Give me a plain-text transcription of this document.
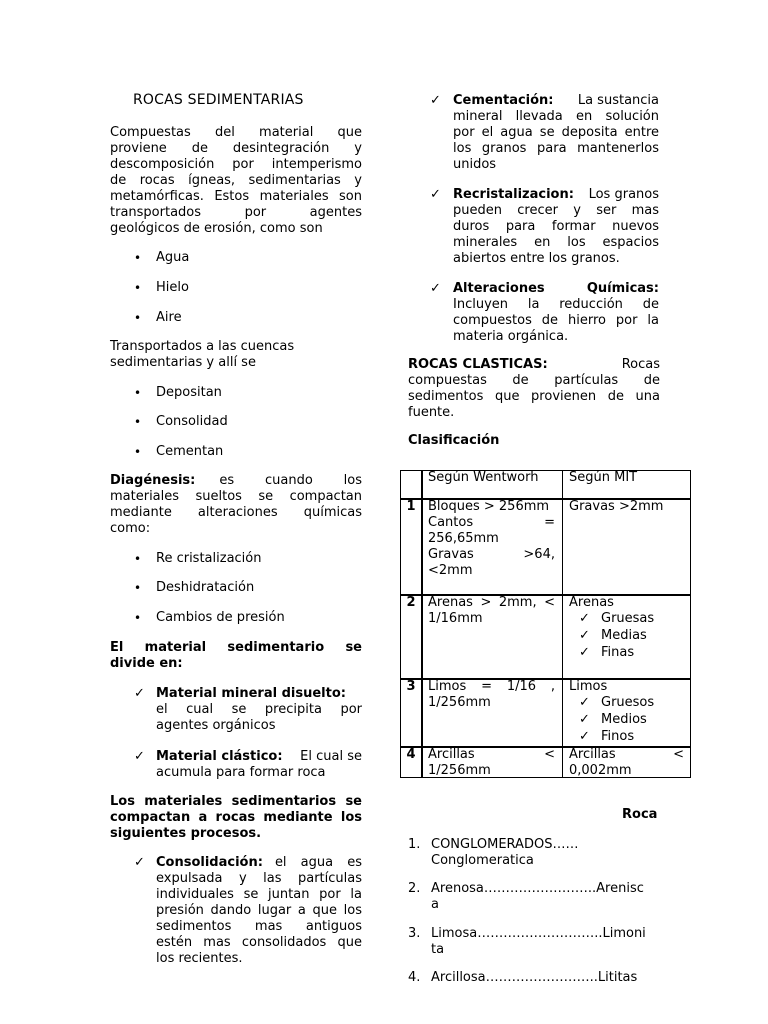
ROCAS SEDIMENTARIAS
Compuestas del material que
proviene de desintegración y
descomposición por intemperismo
de rocas ígneas, sedimentarias y
metamórficas. Estos materiales son
transportados por agentes
geológicos de erosión, como son
• Agua
• Hielo
• Aire
Transportados a las cuencas
sedimentarias y allí se
• Depositan
• Consolidad
• Cementan
Diagénesis: es cuando los
materiales sueltos se compactan
mediante alteraciones químicas
como:
• Re cristalización
• Deshidratación
• Cambios de presión
El material sedimentario se
divide en:
✓ Material mineral disuelto:
el cual se precipita por
agentes orgánicos
✓ Material clástico: El cual se
acumula para formar roca
Los materiales sedimentarios se
compactan a rocas mediante los
siguientes procesos.
✓ Consolidación: el agua es
expulsada y las partículas
individuales se juntan por la
presión dando lugar a que los
sedimentos mas antiguos
estén mas consolidados que
los recientes.
✓ Cementación: La sustancia
mineral llevada en solución
por el agua se deposita entre
los granos para mantenerlos
unidos
✓ Recristalizacion: Los granos
pueden crecer y ser mas
duros para formar nuevos
minerales en los espacios
abiertos entre los granos.
✓ Alteraciones Químicas:
Incluyen la reducción de
compuestos de hierro por la
materia orgánica.
ROCAS CLASTICAS:	Rocas
compuestas de partículas de
sedimentos que provienen de una
fuente.
Clasificación
Según Wentworh Según MIT
1 Bloques > 256mm
Cantos =
256,65mm
Gravas >64,
<2mm
Gravas >2mm
2 Arenas > 2mm, <
1/16mm
Arenas
✓ Gruesas
✓ Medias
✓ Finas
3 Limos = 1/16 ,
1/256mm
Limos
✓ Gruesos
✓ Medios
✓ Finos
4 Arcillas <
1/256mm
Arcillas <
0,002mm
Roca
1. CONGLOMERADOS……
Conglomeratica
2. Arenosa……………………..Arenisc
a
3. Limosa………………………..Limoni
ta
4. Arcillosa……………………..Lititas
